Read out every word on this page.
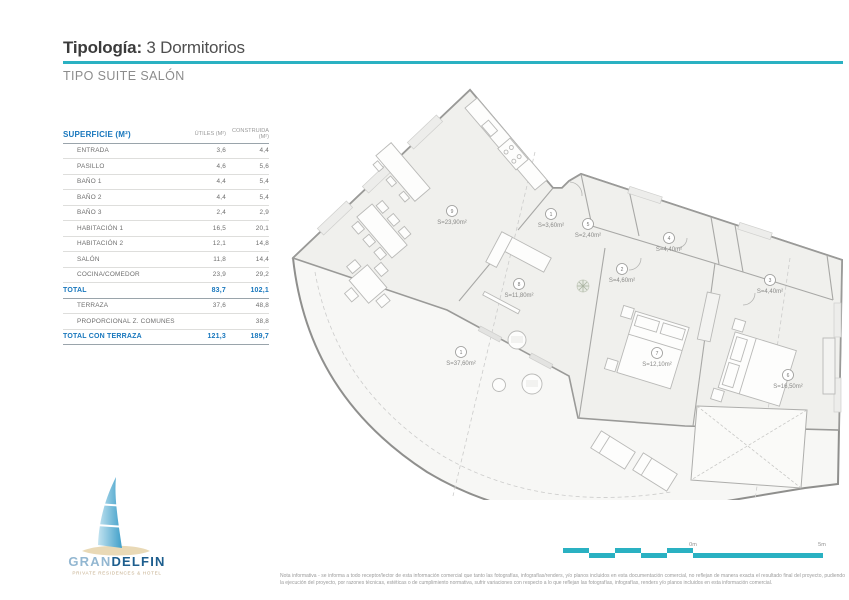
Tipología: 3 Dormitorios
TIPO SUITE SALÓN
SUPERFICIE (M²)	ÚTILES (M²)	CONSTRUIDA (M²)
ENTRADA	3,6	4,4
PASILLO	4,6	5,6
BAÑO 1	4,4	5,4
BAÑO 2	4,4	5,4
BAÑO 3	2,4	2,9
HABITACIÓN 1	16,5	20,1
HABITACIÓN 2	12,1	14,8
SALÓN	11,8	14,4
COCINA/COMEDOR	23,9	29,2
TOTAL	83,7	102,1
TERRAZA	37,6	48,8
PROPORCIONAL Z. COMUNES		38,8
TOTAL CON TERRAZA	121,3	189,7
9
S=23,90m²
1
S=3,60m²	5
S=2,40m²
4
S=4,40m²
2
S=4,60m²
8
S=11,80m²
3
S=4,40m²
1
S=37,60m²
7
S=12,10m²
6
S=16,50m²
0m	5m
GRANDELFIN
PRIVATE RESIDENCES & HOTEL	Nota informativa - se informa a todo receptor/lector de esta información comercial que tanto las fotografías, infografías/renders, y/o planos incluidos en esta documentación comercial, no reflejan de manera exacta el resultado final del proyecto, pudiendo la ejecución del proyecto, por razones técnicas, estéticas o de cumplimiento normativa, sufrir variaciones con respecto a lo que reflejan las fotografías, infografías, renders y/o planos incluidos en esta información comercial.
